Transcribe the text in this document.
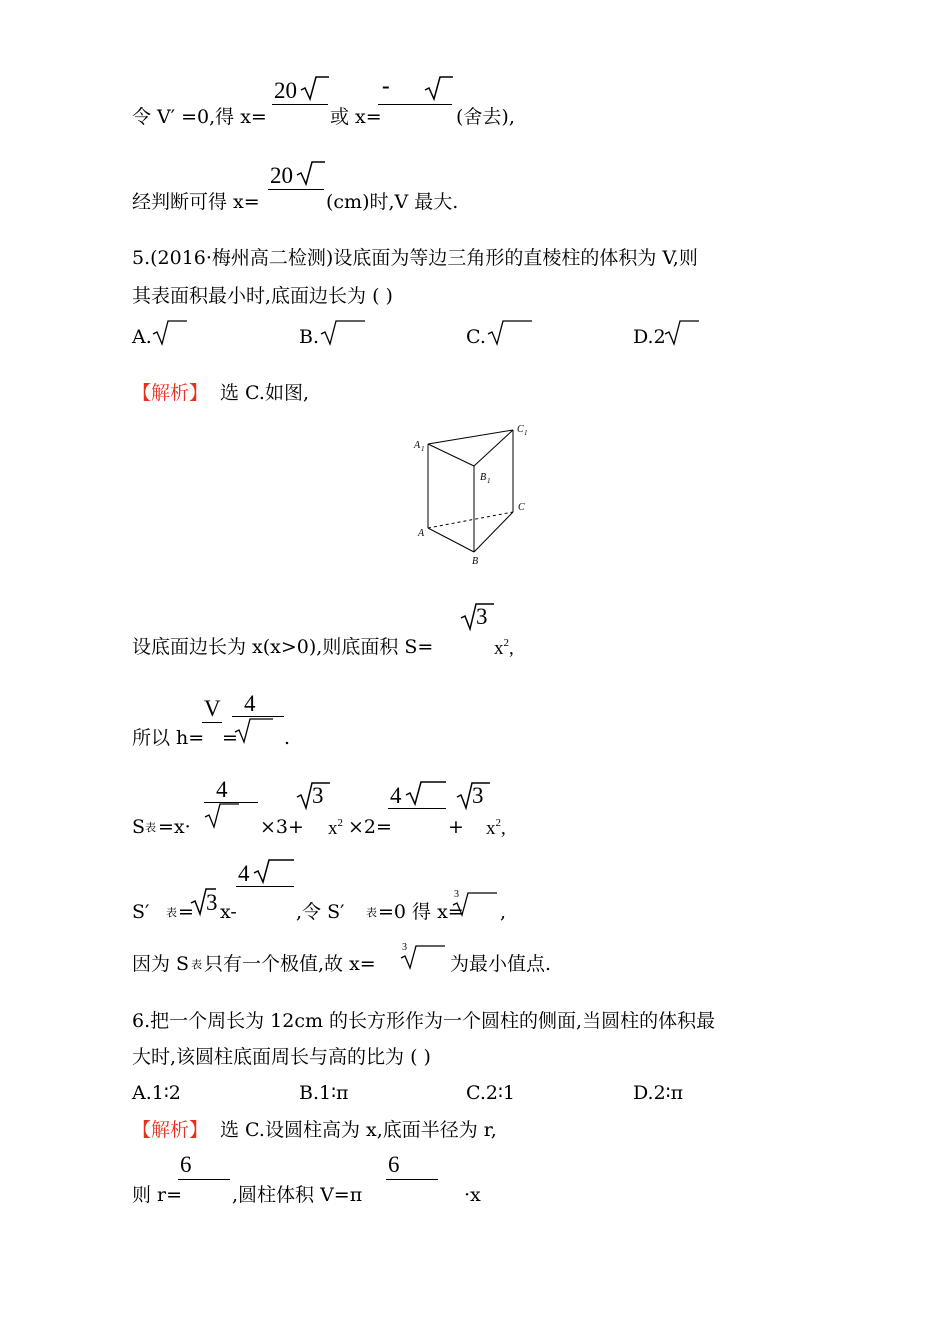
令 V′ =0,得 x=
20
或 x=
-
(舍去),
经判断可得 x=
20
(cm)时,V 最大.
5.(2016·梅州高二检测)设底面为等边三角形的直棱柱的体积为 V,则
其表面积最小时,底面边长为 ( )
A.	B.	C.	D.2
【解析】 选 C.如图,
A 1
C 1
B 1
A
C
B
设底面边长为 x(x>0),则底面积 S=
3
$x^2$,
所以 h=
V
=
4
.
S 表 =x·
4
×3+
3
$x^2 \times 2=$
4
+
3
$x^2$,
S′ 表 = 3 x-
4
,令 S′ 表 =0 得 x=
3
,
因为 S 表 只有一个极值,故 x=
3
为最小值点.
6.把一个周长为 12cm 的长方形作为一个圆柱的侧面,当圆柱的体积最
大时,该圆柱底面周长与高的比为 ( )
A.1∶2	B.1∶π	C.2∶1	D.2∶π
【解析】 选 C.设圆柱高为 x,底面半径为 r,
则 r=
6
,圆柱体积 V=π
6
·x
